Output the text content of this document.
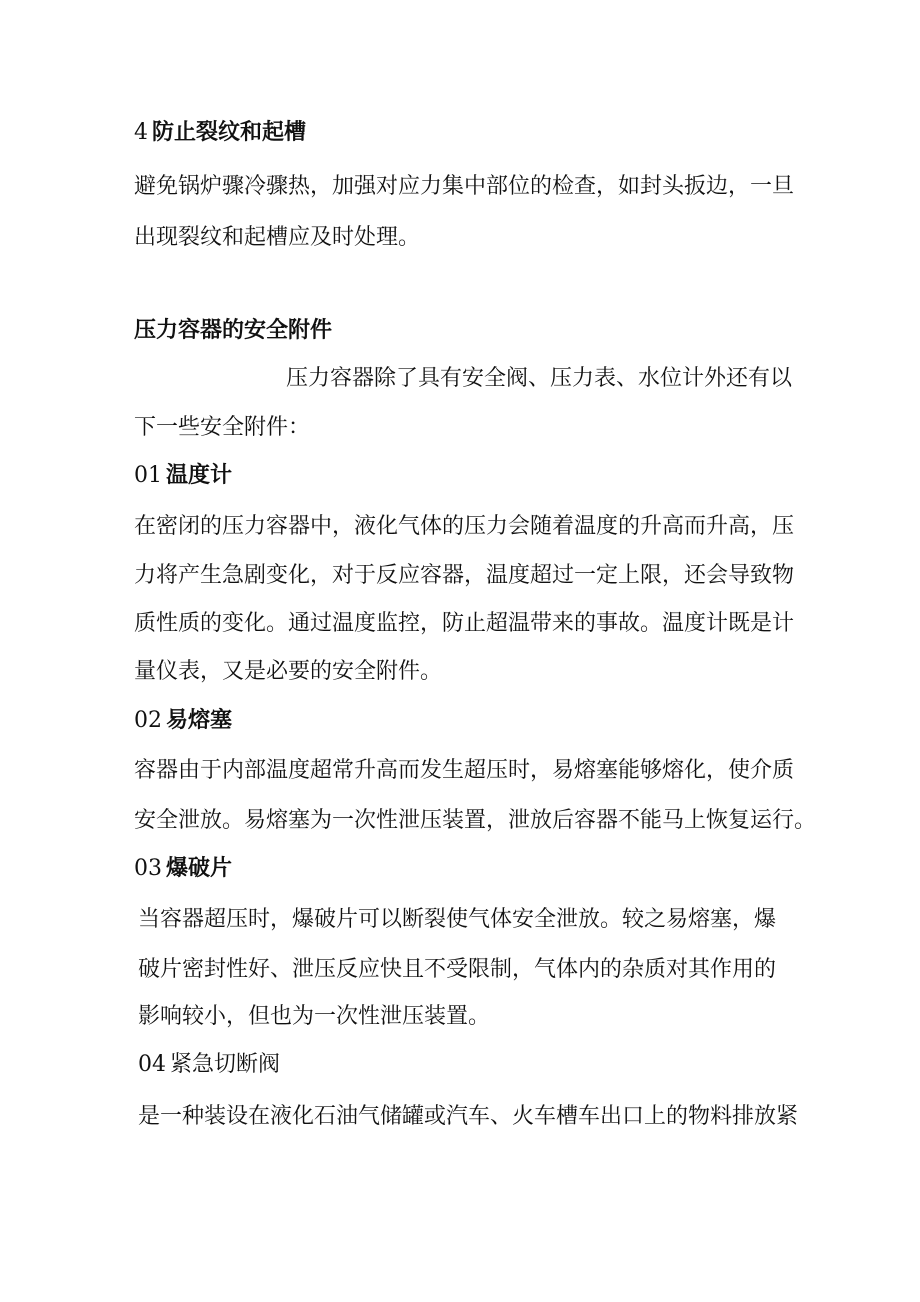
4 防止裂纹和起槽

避免锅炉骤冷骤热，加强对应力集中部位的检查，如封头扳边，一旦

出现裂纹和起槽应及时处理。

压力容器的安全附件

压力容器除了具有安全阀、压力表、水位计外还有以

下一些安全附件：

01 温度计

在密闭的压力容器中，液化气体的压力会随着温度的升高而升高，压

力将产生急剧变化，对于反应容器，温度超过一定上限，还会导致物

质性质的变化。通过温度监控，防止超温带来的事故。温度计既是计

量仪表，又是必要的安全附件。

02 易熔塞

容器由于内部温度超常升高而发生超压时，易熔塞能够熔化，使介质

安全泄放。易熔塞为一次性泄压装置，泄放后容器不能马上恢复运行。

03 爆破片

当容器超压时，爆破片可以断裂使气体安全泄放。较之易熔塞，爆

破片密封性好、泄压反应快且不受限制，气体内的杂质对其作用的

影响较小，但也为一次性泄压装置。

04 紧急切断阀

是一种装设在液化石油气储罐或汽车、火车槽车出口上的物料排放紧
